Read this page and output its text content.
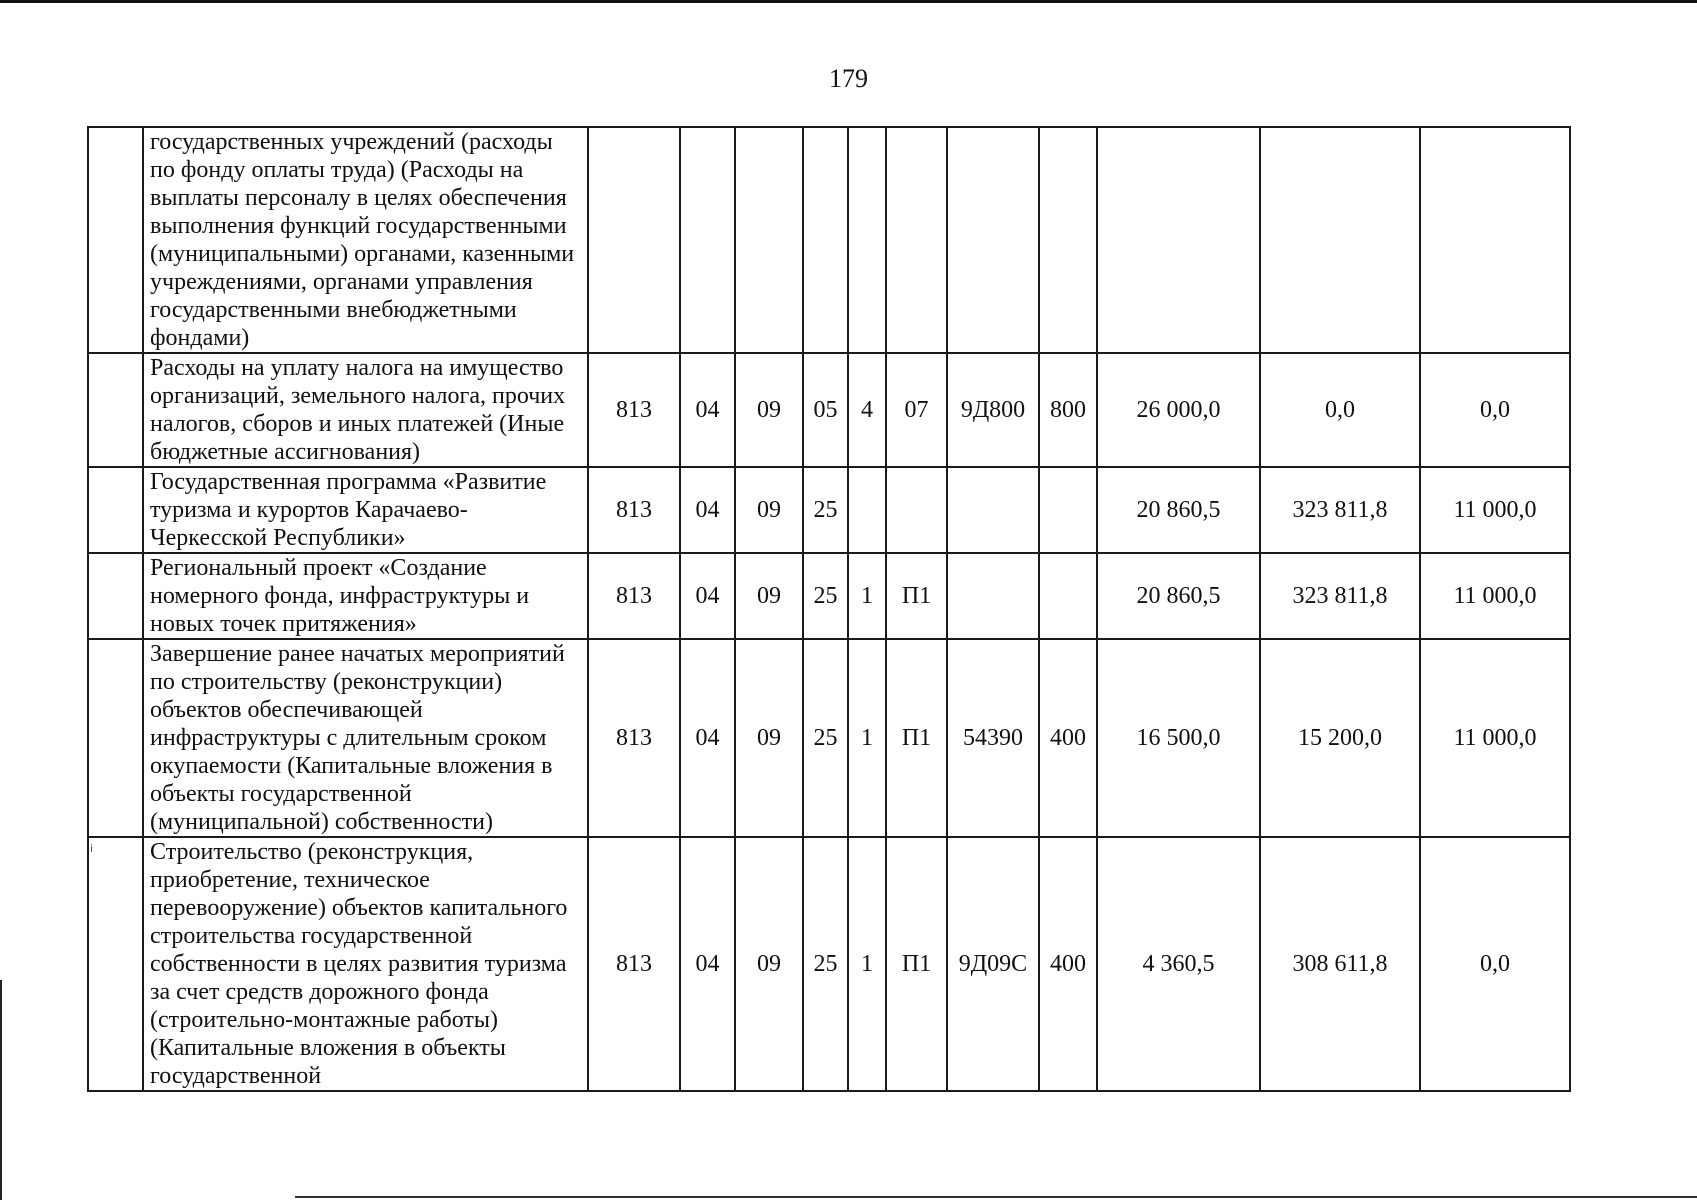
179
	государственных учреждений (расходы по фонду оплаты труда) (Расходы на выплаты персоналу в целях обеспечения выполнения функций государственными (муниципальными) органами, казенными учреждениями, органами управления государственными внебюджетными фондами)											
	Расходы на уплату налога на имущество организаций, земельного налога, прочих налогов, сборов и иных платежей (Иные бюджетные ассигнования)	813	04	09	05	4	07	9Д800	800	26 000,0	0,0	0,0
	Государственная программа «Развитие туризма и курортов Карачаево-Черкесской Республики»	813	04	09	25					20 860,5	323 811,8	11 000,0
	Региональный проект «Создание номерного фонда, инфраструктуры и новых точек притяжения»	813	04	09	25	1	П1			20 860,5	323 811,8	11 000,0
	Завершение ранее начатых мероприятий по строительству (реконструкции) объектов обеспечивающей инфраструктуры с длительным сроком окупаемости (Капитальные вложения в объекты государственной (муниципальной) собственности)	813	04	09	25	1	П1	54390	400	16 500,0	15 200,0	11 000,0
	Строительство (реконструкция, приобретение, техническое перевооружение) объектов капитального строительства государственной собственности в целях развития туризма за счет средств дорожного фонда (строительно-монтажные работы) (Капитальные вложения в объекты государственной	813	04	09	25	1	П1	9Д09С	400	4 360,5	308 611,8	0,0
ⅰ
